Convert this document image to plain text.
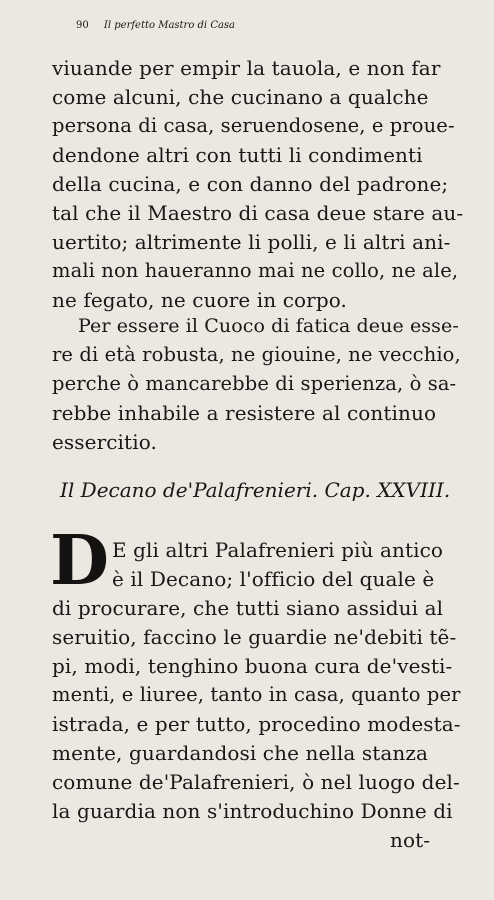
90 Il perfetto Mastro di Casa
viuande per empir la tauola, e non far
come alcuni, che cucinano a qualche
persona di casa, seruendosene, e proue-
dendone altri con tutti li condimenti
della cucina, e con danno del padrone;
tal che il Maestro di casa deue stare au-
uertito; altrimente li polli, e li altri ani-
mali non haueranno mai ne collo, ne ale,
ne fegato, ne cuore in corpo.
Per essere il Cuoco di fatica deue esse-
re di età robusta, ne giouine, ne vecchio,
perche ò mancarebbe di sperienza, ò sa-
rebbe inhabile a resistere al continuo
essercitio.
Il Decano de'Palafrenieri. Cap. XXVIII.
D E gli altri Palafrenieri più antico
è il Decano; l'officio del quale è
di procurare, che tutti siano assidui al
seruitio, faccino le guardie ne'debiti tẽ-
pi, modi, tenghino buona cura de'vesti-
menti, e liuree, tanto in casa, quanto per
istrada, e per tutto, procedino modesta-
mente, guardandosi che nella stanza
comune de'Palafrenieri, ò nel luogo del-
la guardia non s'introduchino Donne di
not-
